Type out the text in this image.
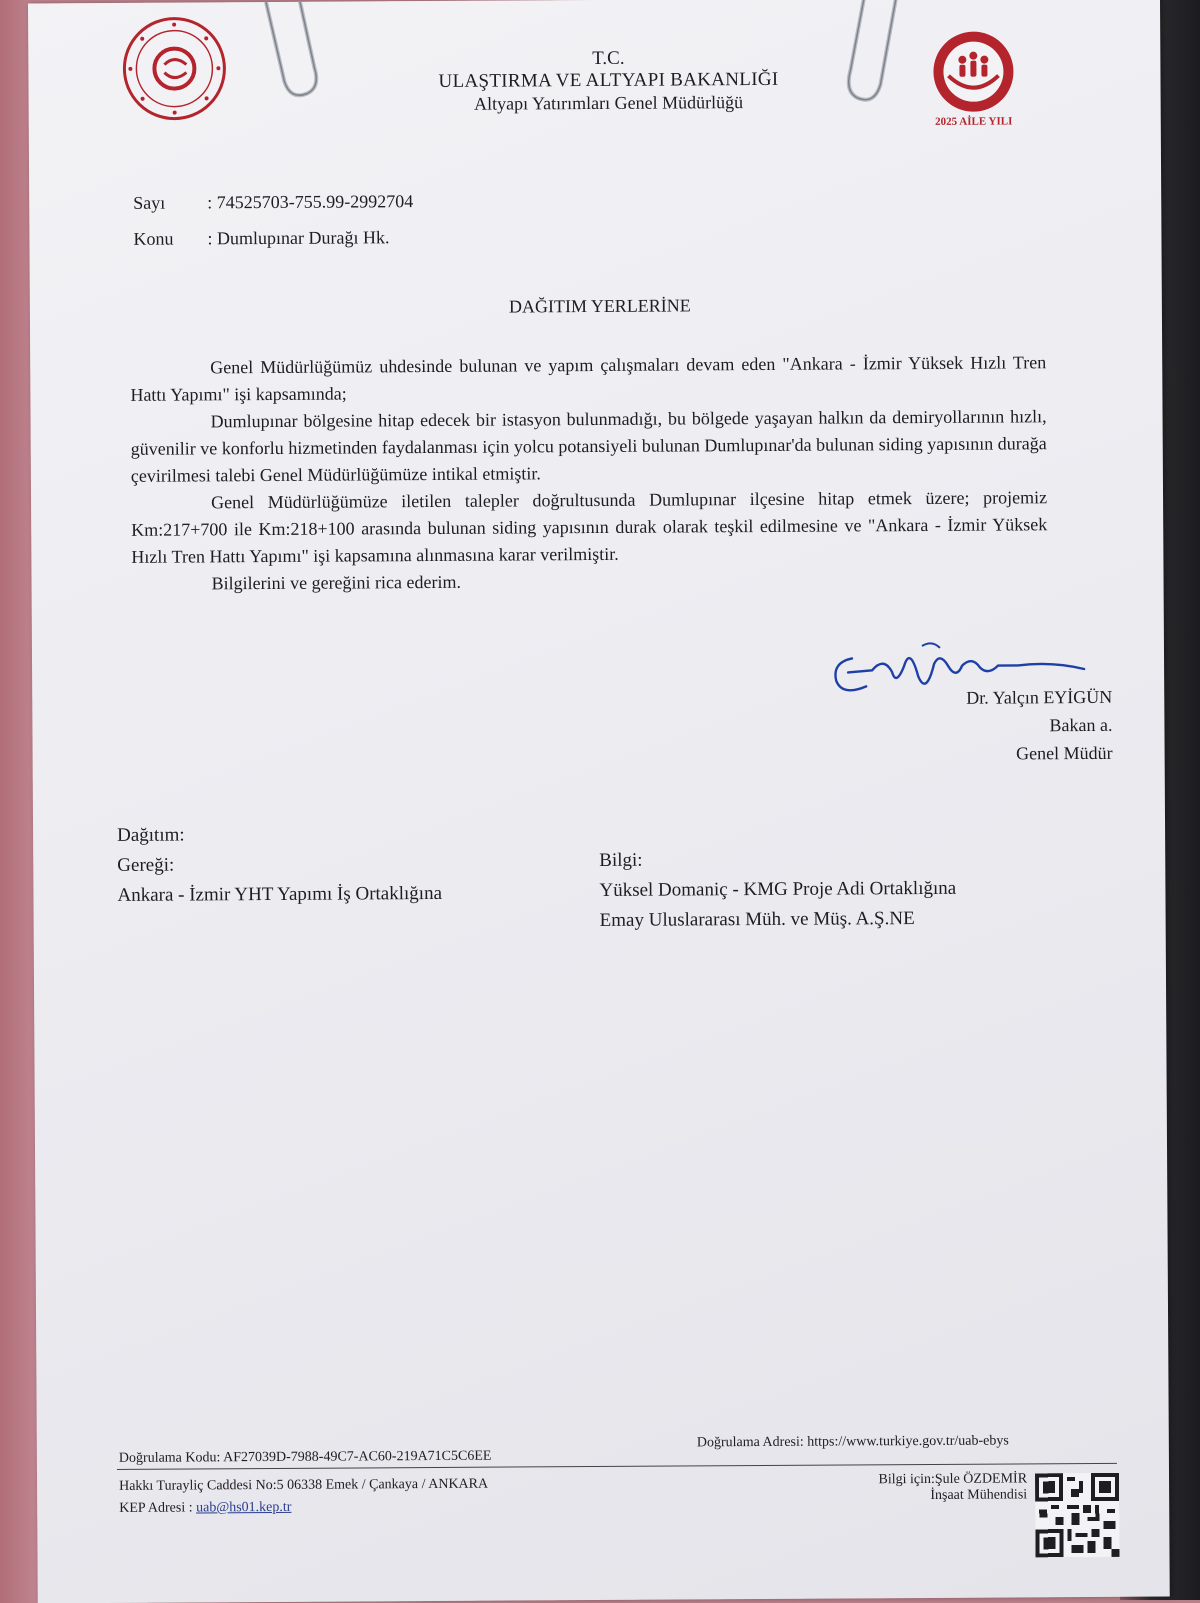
T.C.
ULAŞTIRMA VE ALTYAPI BAKANLIĞI
Altyapı Yatırımları Genel Müdürlüğü
2025 AİLE YILI
Sayı : 74525703-755.99-2992704
Konu : Dumlupınar Durağı Hk.
DAĞITIM YERLERİNE

Genel Müdürlüğümüz uhdesinde bulunan ve yapım çalışmaları devam eden "Ankara - İzmir Yüksek Hızlı Tren Hattı Yapımı" işi kapsamında;

Dumlupınar bölgesine hitap edecek bir istasyon bulunmadığı, bu bölgede yaşayan halkın da demiryollarının hızlı, güvenilir ve konforlu hizmetinden faydalanması için yolcu potansiyeli bulunan Dumlupınar'da bulunan siding yapısının durağa çevirilmesi talebi Genel Müdürlüğümüze intikal etmiştir.

Genel Müdürlüğümüze iletilen talepler doğrultusunda Dumlupınar ilçesine hitap etmek üzere; projemiz Km:217+700 ile Km:218+100 arasında bulunan siding yapısının durak olarak teşkil edilmesine ve "Ankara - İzmir Yüksek Hızlı Tren Hattı Yapımı" işi kapsamına alınmasına karar verilmiştir.

Bilgilerini ve gereğini rica ederim.

Dr. Yalçın EYİGÜN
Bakan a.
Genel Müdür
Dağıtım:
Gereği:
Ankara - İzmir YHT Yapımı İş Ortaklığına
Bilgi:
Yüksel Domaniç - KMG Proje Adi Ortaklığına
Emay Uluslararası Müh. ve Müş. A.Ş.NE
Doğrulama Kodu: AF27039D-7988-49C7-AC60-219A71C5C6EE
Doğrulama Adresi: https://www.turkiye.gov.tr/uab-ebys
Hakkı Turayliç Caddesi No:5 06338 Emek / Çankaya / ANKARA
KEP Adresi : uab@hs01.kep.tr
Bilgi için:Şule ÖZDEMİR
İnşaat Mühendisi
